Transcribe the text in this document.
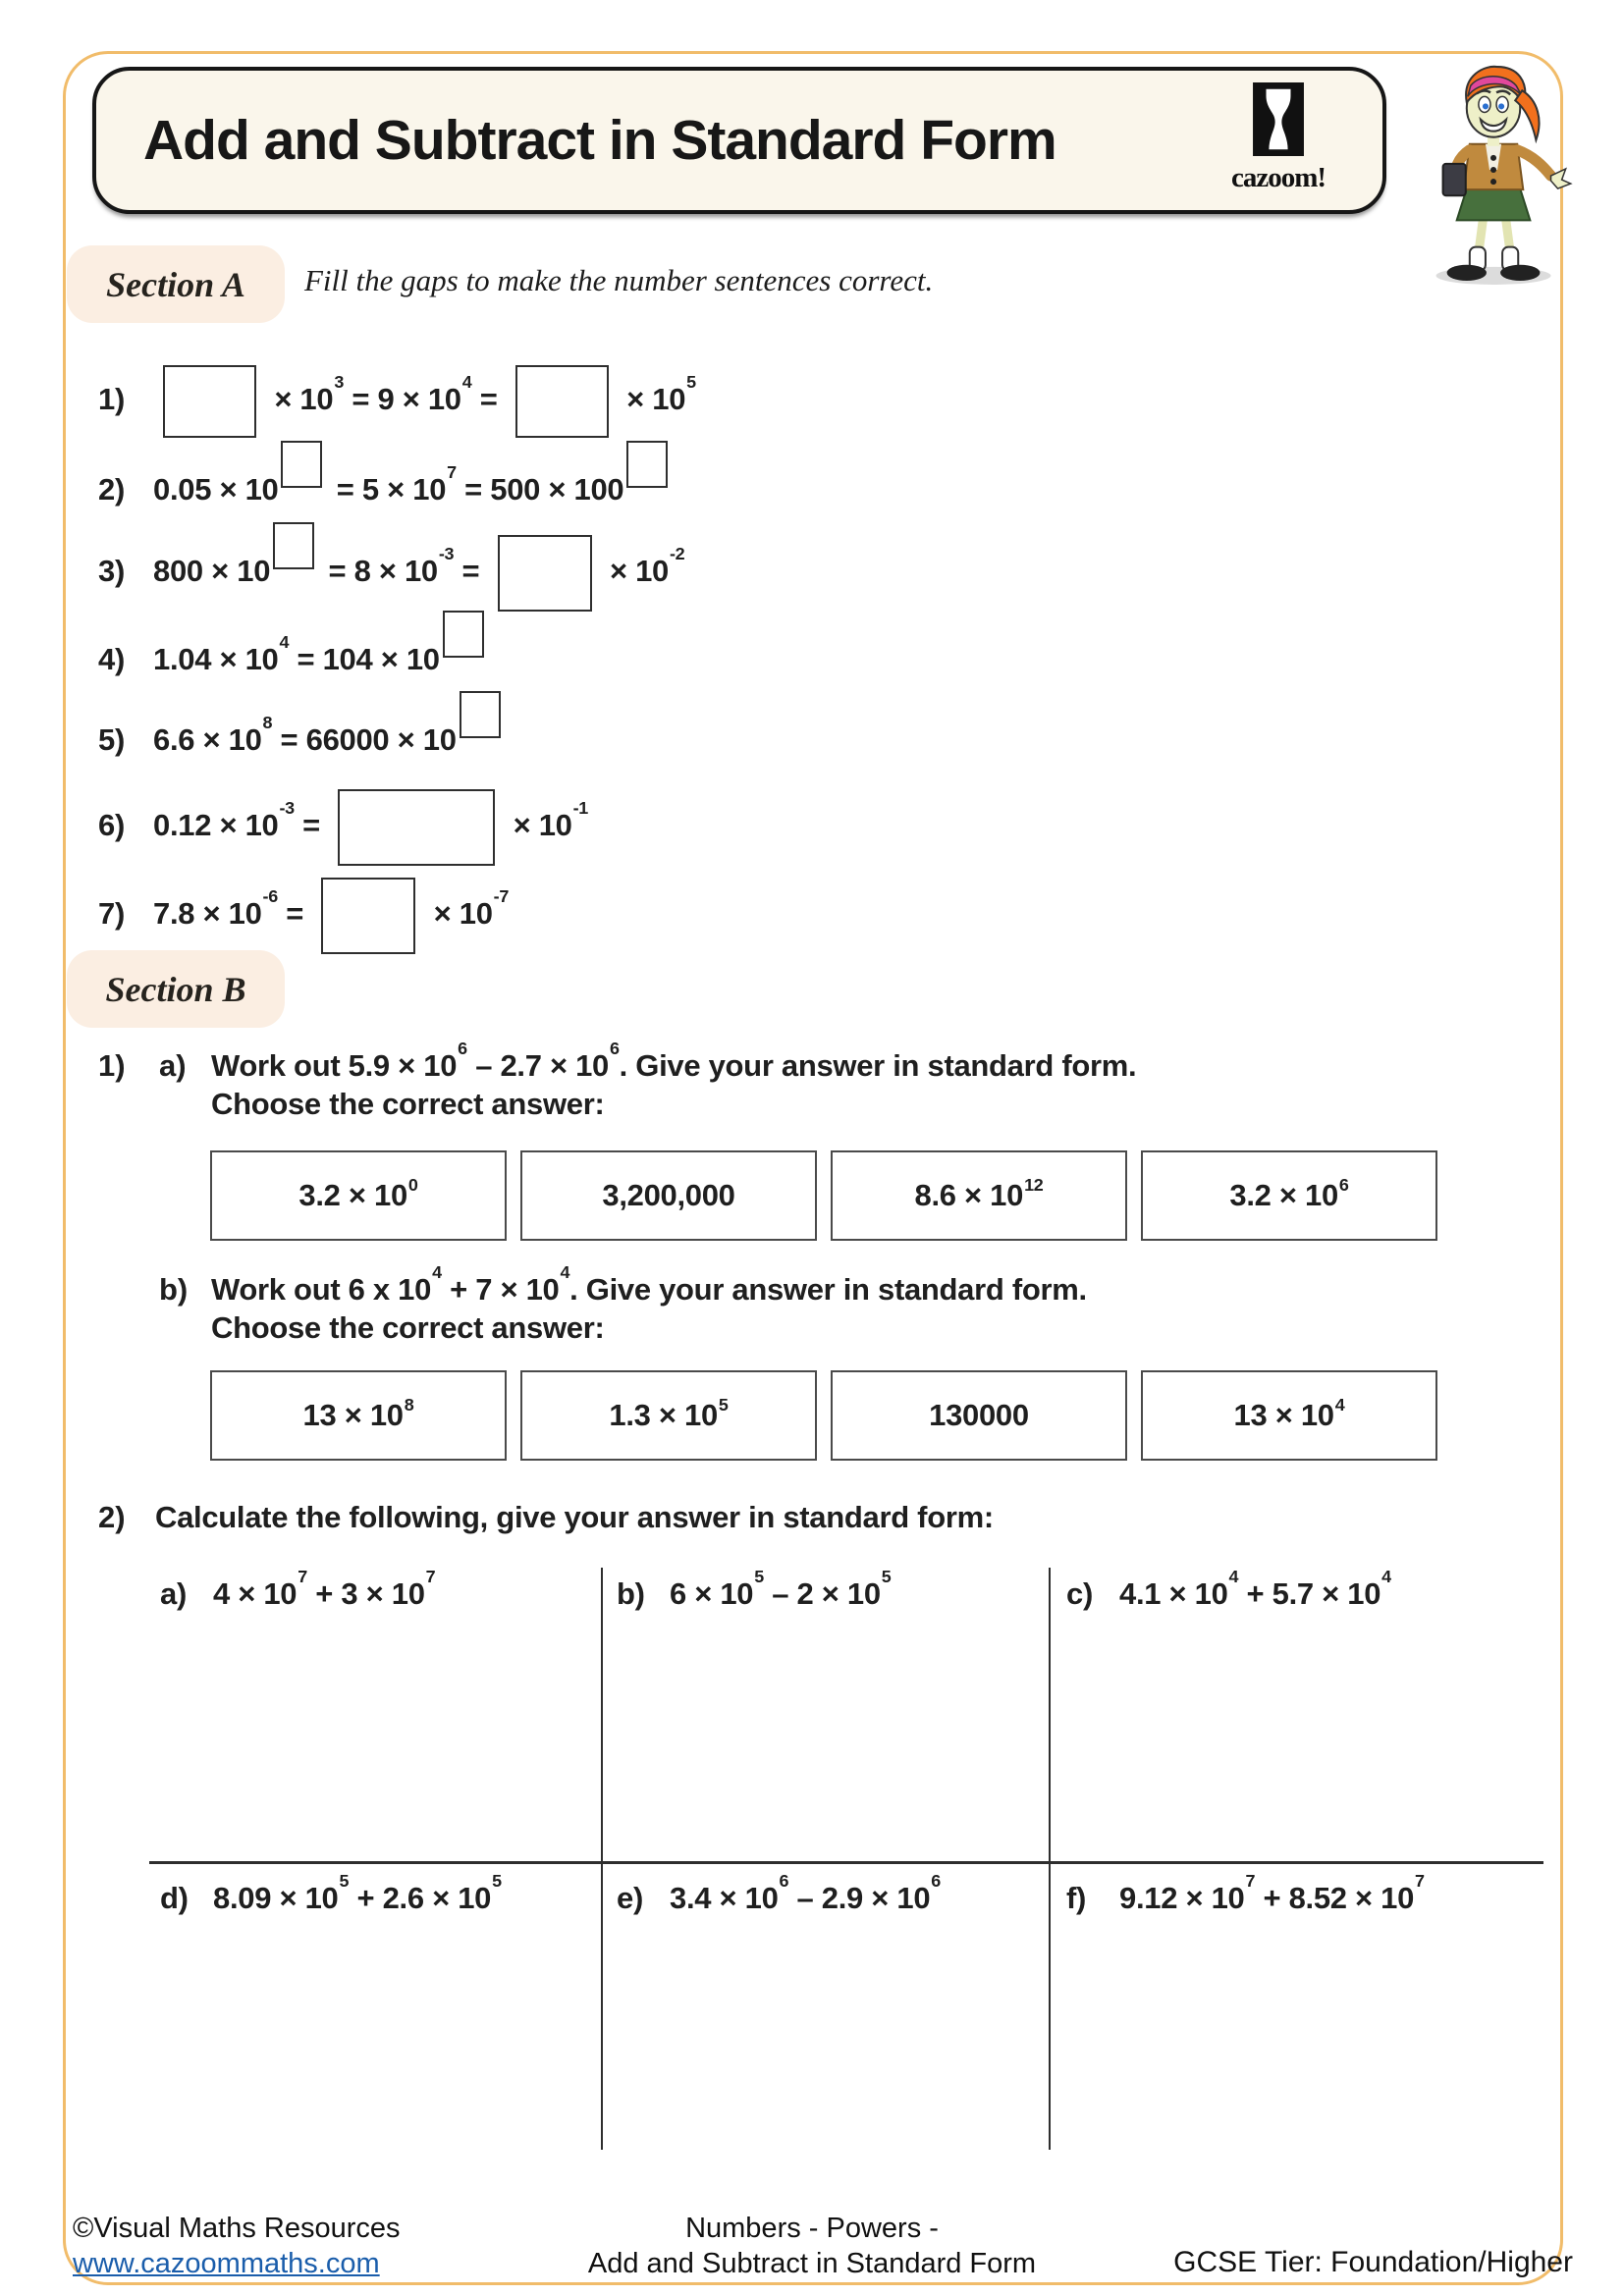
Add and Subtract in Standard Form
cazoom!
Section A Fill the gaps to make the number sentences correct.
1)	× $10^3 = 9 \times 10^4$ =	× $10^5$
2) $0.05 \times 10 = 5 \times 10^7 = 500 \times 100$
3) $800 \times 10 = 8 \times 10^{-3}$ =	× $10^{-2}$
4) $1.04 \times 10^4 = 104 \times 10$
5) $6.6 \times 10^8 = 66000 \times 10$
6) $0.12 \times 10^{-3}$ =	× $10^{-1}$
7) $7.8 \times 10^{-6}$ =	× $10^{-7}$
Section B
1) a) Work out $5.9 \times 10^6 - 2.7 \times 10^6$. Give your answer in standard form.
Choose the correct answer:
$3.2 \times 10^0$	3,200,000	$8.6 \times 10^{12}$	$3.2 \times 10^6$
b) Work out 6 x $10^4 + 7 \times 10^4$. Give your answer in standard form.
Choose the correct answer:
$13 \times 10^8$	$1.3 \times 10^5$	130000	$13 \times 10^4$
2) Calculate the following, give your answer in standard form:
a) $4 \times 10^7 + 3 \times 10^7$
b) $6 \times 10^5 - 2 \times 10^5$
c) $4.1 \times 10^4 + 5.7 \times 10^4$
d) $8.09 \times 10^5 + 2.6 \times 10^5$
e) $3.4 \times 10^6 - 2.9 \times 10^6$
f) $9.12 \times 10^7 + 8.52 \times 10^7$
©Visual Maths Resources
www.cazoommaths.com
Numbers - Powers -
Add and Subtract in Standard Form	GCSE Tier: Foundation/Higher
